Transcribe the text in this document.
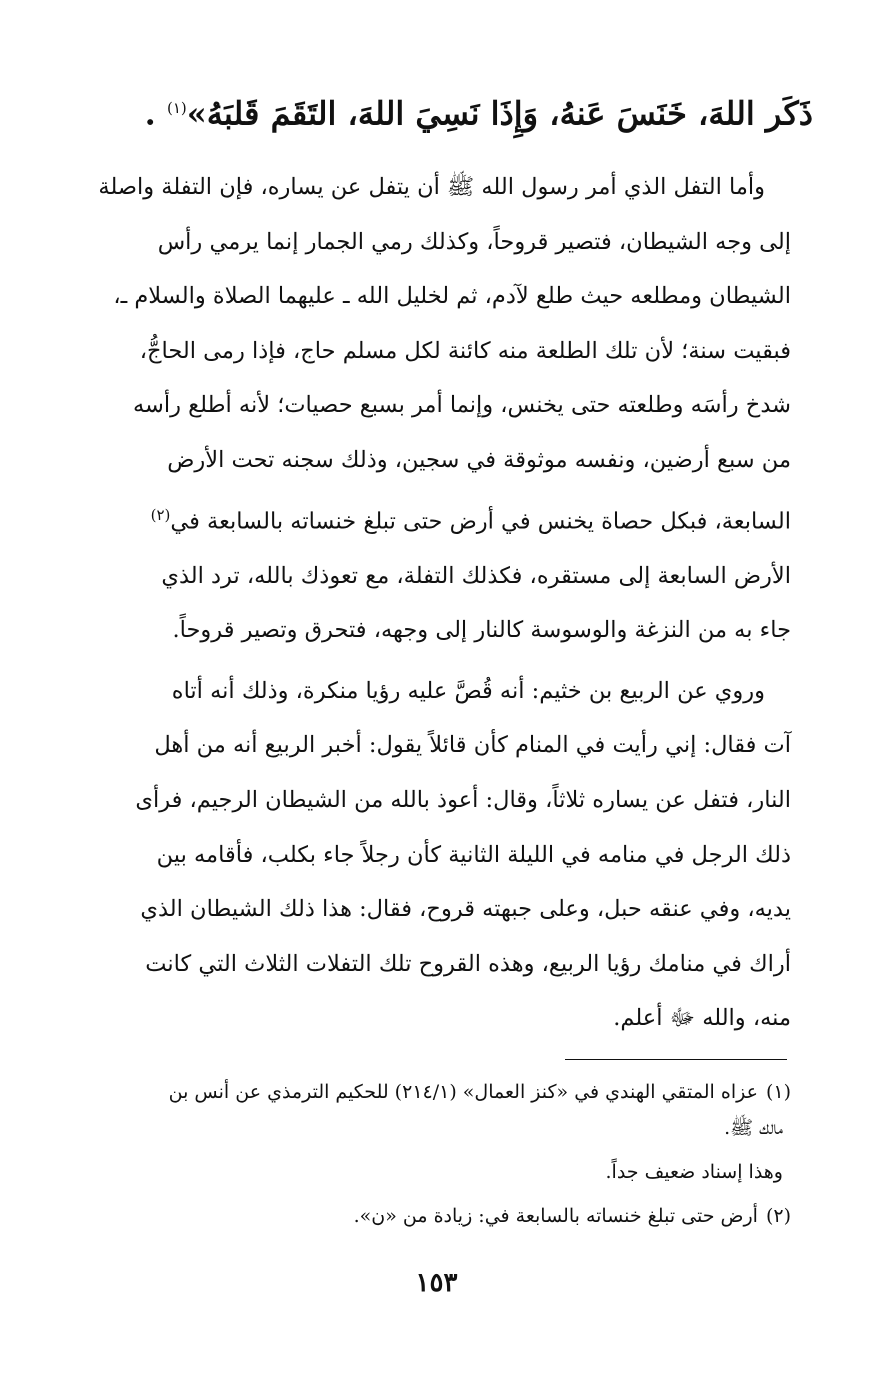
ذَكَر اللهَ، خَنَسَ عَنهُ، وَإِذَا نَسِيَ اللهَ، التَقَمَ قَلبَهُ»$^{(١)}$ .

وأما التفل الذي أمر رسول الله ﷺ أن يتفل عن يساره، فإن التفلة واصلة
إلى وجه الشيطان، فتصير قروحاً، وكذلك رمي الجمار إنما يرمي رأس
الشيطان ومطلعه حيث طلع لآدم، ثم لخليل الله ـ عليهما الصلاة والسلام ـ،
فبقيت سنة؛ لأن تلك الطلعة منه كائنة لكل مسلم حاج، فإذا رمى الحاجُّ،
شدخ رأسَه وطلعته حتى يخنس، وإنما أمر بسبع حصيات؛ لأنه أطلع رأسه
من سبع أرضين، ونفسه موثوقة في سجين، وذلك سجنه تحت الأرض
السابعة، فبكل حصاة يخنس في أرض حتى تبلغ خنساته بالسابعة في$^{(٢)}$
الأرض السابعة إلى مستقره، فكذلك التفلة، مع تعوذك بالله، ترد الذي
جاء به من النزغة والوسوسة كالنار إلى وجهه، فتحرق وتصير قروحاً.

وروي عن الربيع بن خثيم: أنه قُصَّ عليه رؤيا منكرة، وذلك أنه أتاه
آت فقال: إني رأيت في المنام كأن قائلاً يقول: أخبر الربيع أنه من أهل
النار، فتفل عن يساره ثلاثاً، وقال: أعوذ بالله من الشيطان الرجيم، فرأى
ذلك الرجل في منامه في الليلة الثانية كأن رجلاً جاء بكلب، فأقامه بين
يديه، وفي عنقه حبل، وعلى جبهته قروح، فقال: هذا ذلك الشيطان الذي
أراك في منامك رؤيا الربيع، وهذه القروح تلك التفلات الثلاث التي كانت
منه، والله ﷻ أعلم.

(١)عزاه المتقي الهندي في «كنز العمال» (٢١٤/١) للحكيم الترمذي عن أنس بن

مالك ﷺ.

وهذا إسناد ضعيف جداً.

(٢)أرض حتى تبلغ خنساته بالسابعة في: زيادة من «ن».

١٥٣
